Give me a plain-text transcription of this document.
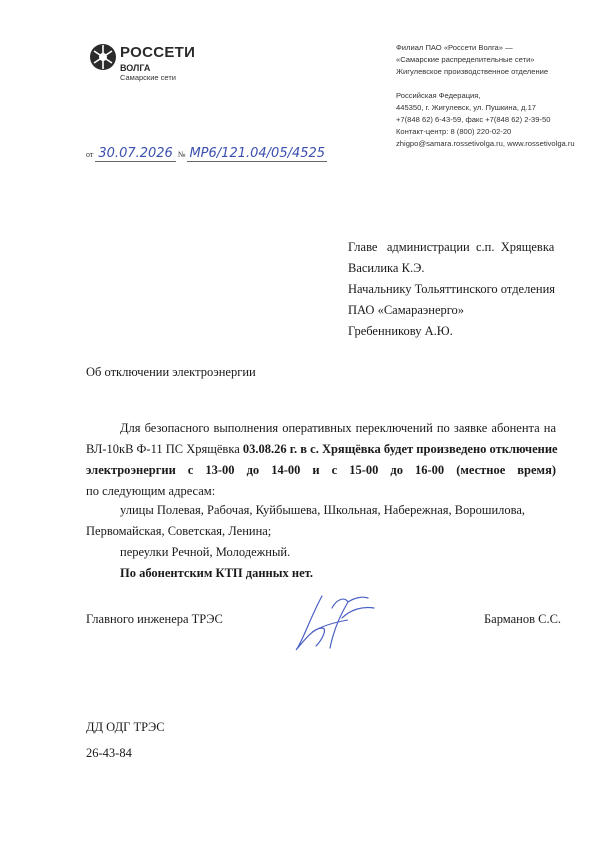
РОССЕТИ
ВОЛГА
Самарские сети
Филиал ПАО «Россети Волга» —
«Самарские распределительные сети»
Жигулевское производственное отделение
Российская Федерация,
445350, г. Жигулевск, ул. Пушкина, д.17
+7(848 62) 6-43-59, факс +7(848 62) 2-39-50
Контакт-центр: 8 (800) 220-02-20
zhigpo@samara.rossetivolga.ru, www.rossetivolga.ru
от 30.07.2026 № МР6/121.04/05/4525
Главе   администрации  с.п.  Хрящевка
Василика К.Э.
Начальнику Тольяттинского отделения
ПАО «Самараэнерго»
Гребенникову А.Ю.
Об отключении электроэнергии
Для безопасного выполнения оперативных переключений по заявке абонента на
ВЛ-10кВ Ф-11 ПС Хрящёвка 03.08.26 г. в с. Хрящёвка будет произведено отключение
электроэнергии с 13-00 до 14-00 и с 15-00 до 16-00 (местное время)
по следующим адресам:
улицы Полевая, Рабочая, Куйбышева, Школьная, Набережная, Ворошилова,
Первомайская, Советская, Ленина;
переулки Речной, Молодежный.
По абонентским КТП данных нет.
Главного инженера ТРЭС	Барманов С.С.
ДД ОДГ ТРЭС
26-43-84
